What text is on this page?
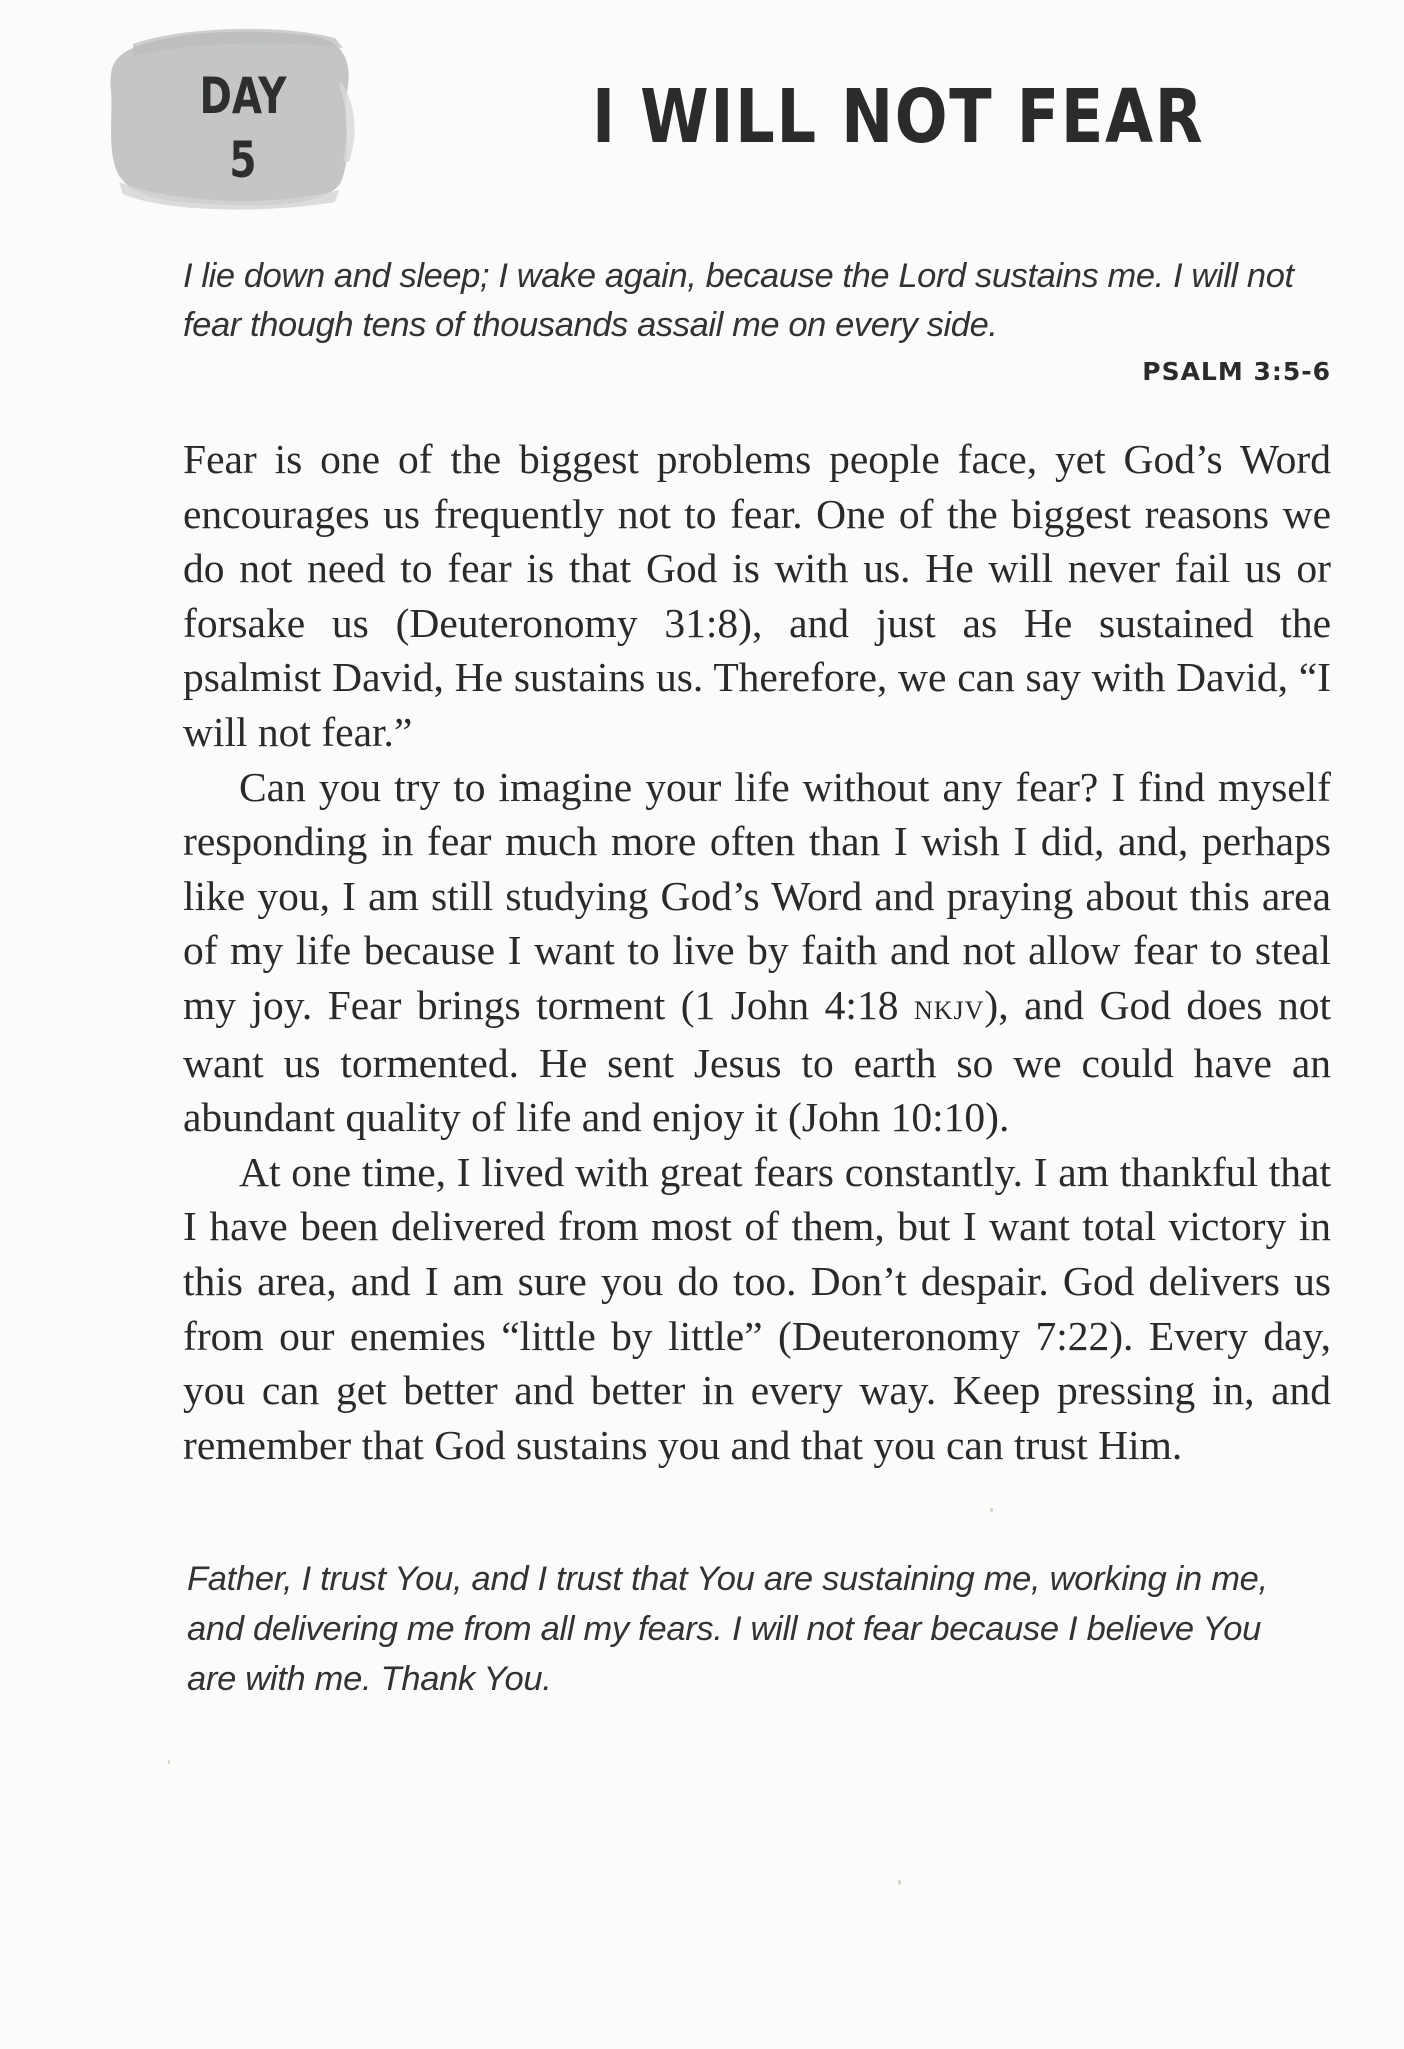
DAY
5	I WILL NOT FEAR
I lie down and sleep; I wake again, because the Lord sustains me. I will not fear though tens of thousands assail me on every side.
PSALM 3:5-6

Fear is one of the biggest problems people face, yet God’s Word encourages us frequently not to fear. One of the biggest reasons we do not need to fear is that God is with us. He will never fail us or forsake us (Deuteronomy 31:8), and just as He sustained the psalmist David, He sustains us. Therefore, we can say with David, “I will not fear.”

Can you try to imagine your life without any fear? I find myself responding in fear much more often than I wish I did, and, perhaps like you, I am still studying God’s Word and praying about this area of my life because I want to live by faith and not allow fear to steal my joy. Fear brings torment (1 John 4:18 nkjv), and God does not want us tormented. He sent Jesus to earth so we could have an abundant quality of life and enjoy it (John 10:10).

At one time, I lived with great fears constantly. I am thankful that I have been delivered from most of them, but I want total victory in this area, and I am sure you do too. Don’t despair. God delivers us from our enemies “little by little” (Deuteronomy 7:22). Every day, you can get better and better in every way. Keep pressing in, and remember that God sustains you and that you can trust Him.

Father, I trust You, and I trust that You are sustaining me, working in me, and delivering me from all my fears. I will not fear because I believe You are with me. Thank You.
